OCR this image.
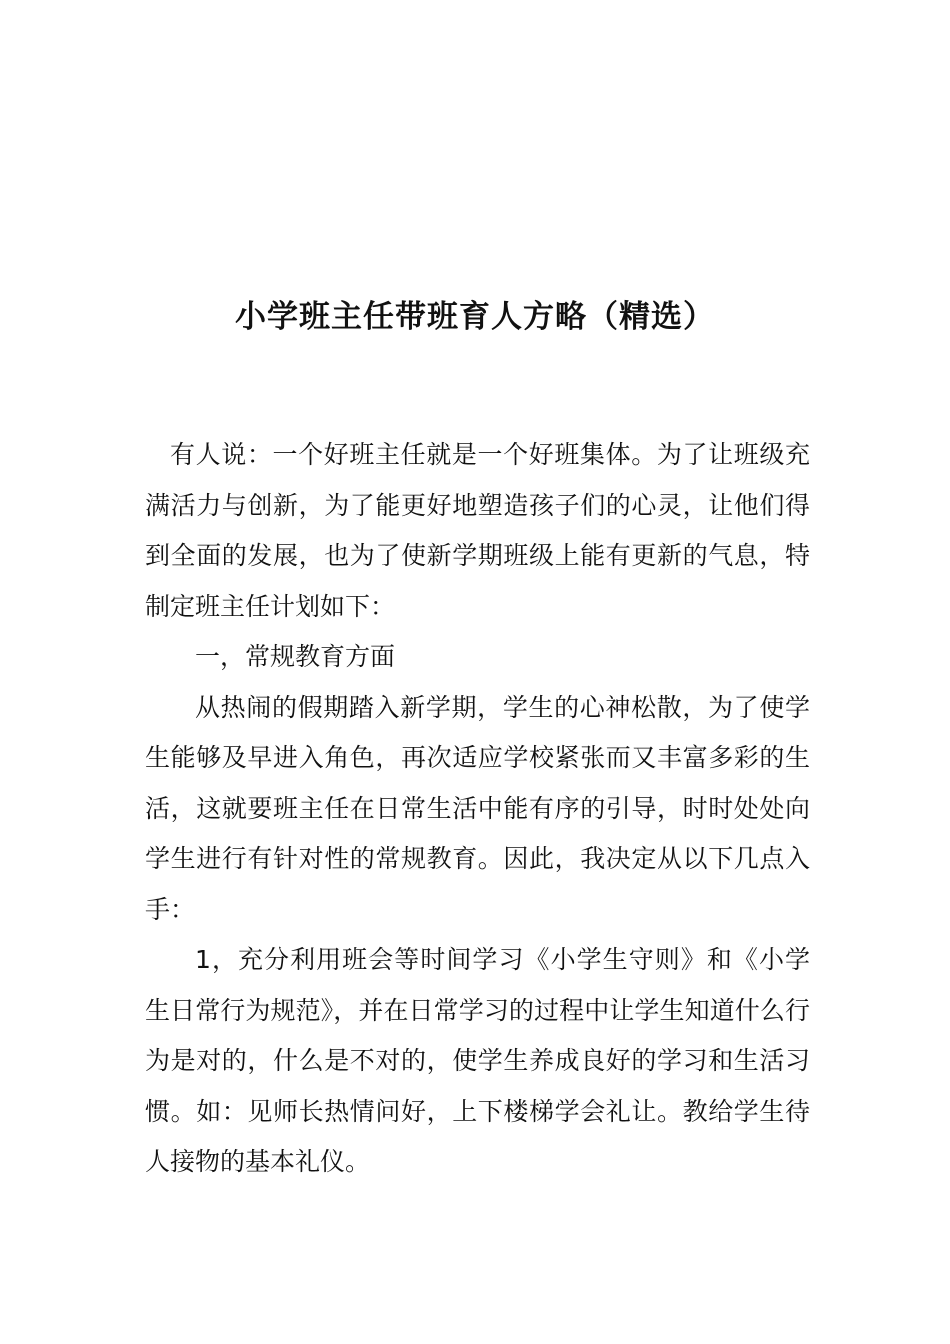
小学班主任带班育人方略（精选）

有人说：一个好班主任就是一个好班集体。为了让班级充满活力与创新，为了能更好地塑造孩子们的心灵，让他们得到全面的发展，也为了使新学期班级上能有更新的气息，特制定班主任计划如下：

一，常规教育方面

从热闹的假期踏入新学期，学生的心神松散，为了使学生能够及早进入角色，再次适应学校紧张而又丰富多彩的生活，这就要班主任在日常生活中能有序的引导，时时处处向学生进行有针对性的常规教育。因此，我决定从以下几点入手：

1，充分利用班会等时间学习《小学生守则》和《小学生日常行为规范》，并在日常学习的过程中让学生知道什么行为是对的，什么是不对的，使学生养成良好的学习和生活习惯。如：见师长热情问好，上下楼梯学会礼让。教给学生待人接物的基本礼仪。
